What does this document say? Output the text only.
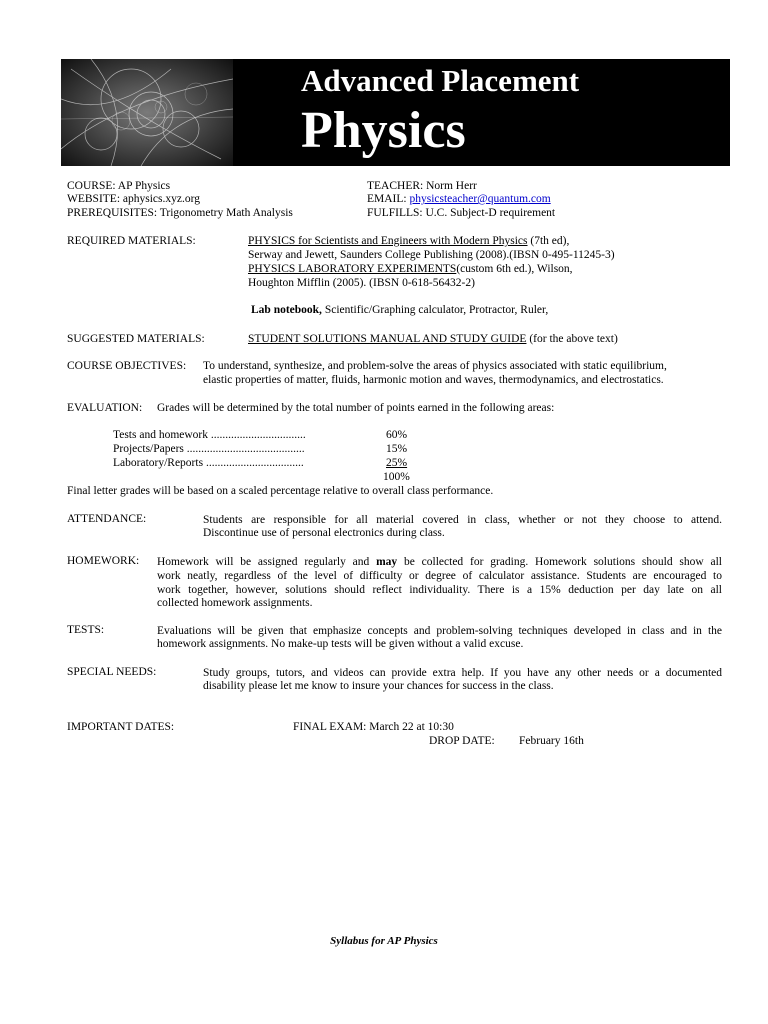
Advanced Placement
Physics
COURSE: AP Physics
WEBSITE: aphysics.xyz.org
PREREQUISITES: Trigonometry Math Analysis
TEACHER: Norm Herr
EMAIL: physicsteacher@quantum.com
FULFILLS: U.C. Subject-D requirement
REQUIRED MATERIALS:	PHYSICS for Scientists and Engineers with Modern Physics (7th ed),
Serway and Jewett, Saunders College Publishing (2008).(IBSN 0-495-11245-3)
PHYSICS LABORATORY EXPERIMENTS(custom 6th ed.), Wilson,
Houghton Mifflin (2005). (IBSN 0-618-56432-2)
Lab notebook, Scientific/Graphing calculator, Protractor, Ruler,
SUGGESTED MATERIALS:	STUDENT SOLUTIONS MANUAL AND STUDY GUIDE (for the above text)
COURSE OBJECTIVES: To understand, synthesize, and problem-solve the areas of physics associated with static equilibrium,
elastic properties of matter, fluids, harmonic motion and waves, thermodynamics, and electrostatics.
EVALUATION: Grades will be determined by the total number of points earned in the following areas:
Tests and homework .................................	60%
Projects/Papers .........................................	15%
Laboratory/Reports ..................................	25%
100%
Final letter grades will be based on a scaled percentage relative to overall class performance.
ATTENDANCE:	Students are responsible for all material covered in class, whether or not they choose to attend.
Discontinue use of personal electronics during class.
HOMEWORK: Homework will be assigned regularly and may be collected for grading. Homework solutions should show all
work neatly, regardless of the level of difficulty or degree of calculator assistance. Students are encouraged to
work together, however, solutions should reflect individuality. There is a 15% deduction per day late on all
collected homework assignments.
TESTS:	Evaluations will be given that emphasize concepts and problem-solving techniques developed in class and in the
homework assignments. No make-up tests will be given without a valid excuse.
SPECIAL NEEDS:	Study groups, tutors, and videos can provide extra help. If you have any other needs or a documented
disability please let me know to insure your chances for success in the class.
IMPORTANT DATES:	FINAL EXAM: March 22 at 10:30
DROP DATE: February 16th
Syllabus for AP Physics
